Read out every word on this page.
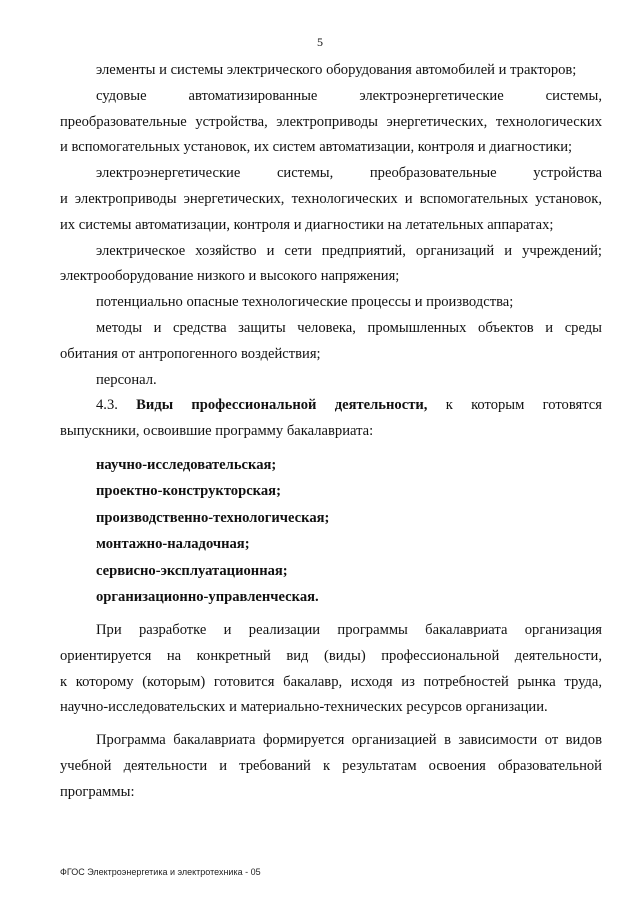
5

элементы и системы электрического оборудования автомобилей и тракторов;

судовые автоматизированные электроэнергетические системы,

преобразовательные устройства, электроприводы энергетических, технологических

и вспомогательных установок, их систем автоматизации, контроля и диагностики;

электроэнергетические системы, преобразовательные устройства

и электроприводы энергетических, технологических и вспомогательных установок,

их системы автоматизации, контроля и диагностики на летательных аппаратах;

электрическое хозяйство и сети предприятий, организаций и учреждений;

электрооборудование низкого и высокого напряжения;

потенциально опасные технологические процессы и производства;

методы и средства защиты человека, промышленных объектов и среды

обитания от антропогенного воздействия;

персонал.

4.3. Виды профессиональной деятельности, к которым готовятся

выпускники, освоившие программу бакалавриата:

научно-исследовательская;

проектно-конструкторская;

производственно-технологическая;

монтажно-наладочная;

сервисно-эксплуатационная;

организационно-управленческая.

При разработке и реализации программы бакалавриата организация

ориентируется на конкретный вид (виды) профессиональной деятельности,

к которому (которым) готовится бакалавр, исходя из потребностей рынка труда,

научно-исследовательских и материально-технических ресурсов организации.

Программа бакалавриата формируется организацией в зависимости от видов

учебной деятельности и требований к результатам освоения образовательной

программы:

ФГОС Электроэнергетика и электротехника - 05
